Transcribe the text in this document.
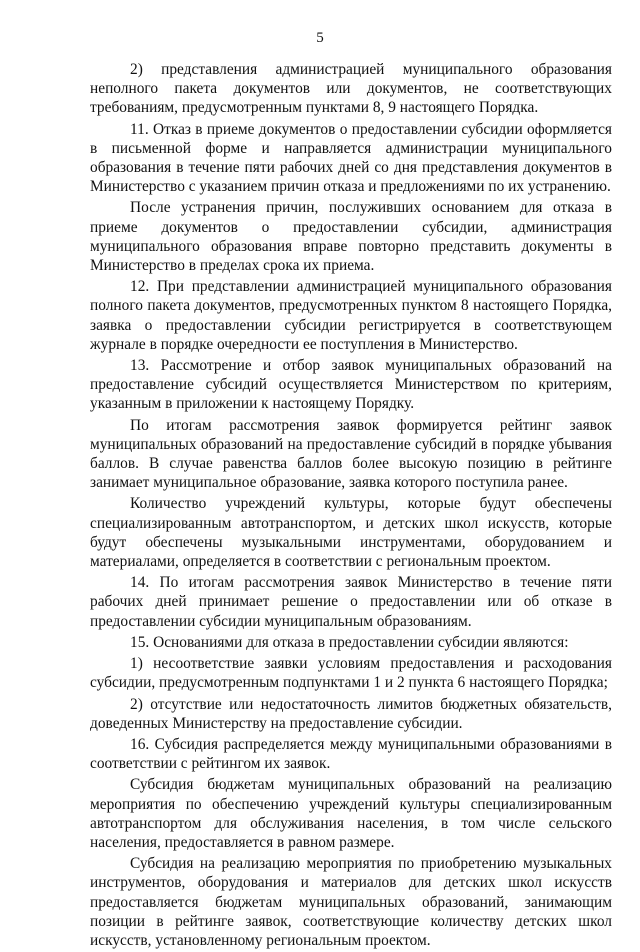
5

2) представления администрацией муниципального образования неполного пакета документов или документов, не соответствующих требованиям, предусмотренным пунктами 8, 9 настоящего Порядка.

11. Отказ в приеме документов о предоставлении субсидии оформляется в письменной форме и направляется администрации муниципального образования в течение пяти рабочих дней со дня представления документов в Министерство с указанием причин отказа и предложениями по их устранению.

После устранения причин, послуживших основанием для отказа в приеме документов о предоставлении субсидии, администрация муниципального образования вправе повторно представить документы в Министерство в пределах срока их приема.

12. При представлении администрацией муниципального образования полного пакета документов, предусмотренных пунктом 8 настоящего Порядка, заявка о предоставлении субсидии регистрируется в соответствующем журнале в порядке очередности ее поступления в Министерство.

13. Рассмотрение и отбор заявок муниципальных образований на предоставление субсидий осуществляется Министерством по критериям, указанным в приложении к настоящему Порядку.

По итогам рассмотрения заявок формируется рейтинг заявок муниципальных образований на предоставление субсидий в порядке убывания баллов. В случае равенства баллов более высокую позицию в рейтинге занимает муниципальное образование, заявка которого поступила ранее.

Количество учреждений культуры, которые будут обеспечены специализированным автотранспортом, и детских школ искусств, которые будут обеспечены музыкальными инструментами, оборудованием и материалами, определяется в соответствии с региональным проектом.

14. По итогам рассмотрения заявок Министерство в течение пяти рабочих дней принимает решение о предоставлении или об отказе в предоставлении субсидии муниципальным образованиям.

15. Основаниями для отказа в предоставлении субсидии являются:

1) несоответствие заявки условиям предоставления и расходования субсидии, предусмотренным подпунктами 1 и 2 пункта 6 настоящего Порядка;

2) отсутствие или недостаточность лимитов бюджетных обязательств, доведенных Министерству на предоставление субсидии.

16. Субсидия распределяется между муниципальными образованиями в соответствии с рейтингом их заявок.

Субсидия бюджетам муниципальных образований на реализацию мероприятия по обеспечению учреждений культуры специализированным автотранспортом для обслуживания населения, в том числе сельского населения, предоставляется в равном размере.

Субсидия на реализацию мероприятия по приобретению музыкальных инструментов, оборудования и материалов для детских школ искусств предоставляется бюджетам муниципальных образований, занимающим позиции в рейтинге заявок, соответствующие количеству детских школ искусств, установленному региональным проектом.
